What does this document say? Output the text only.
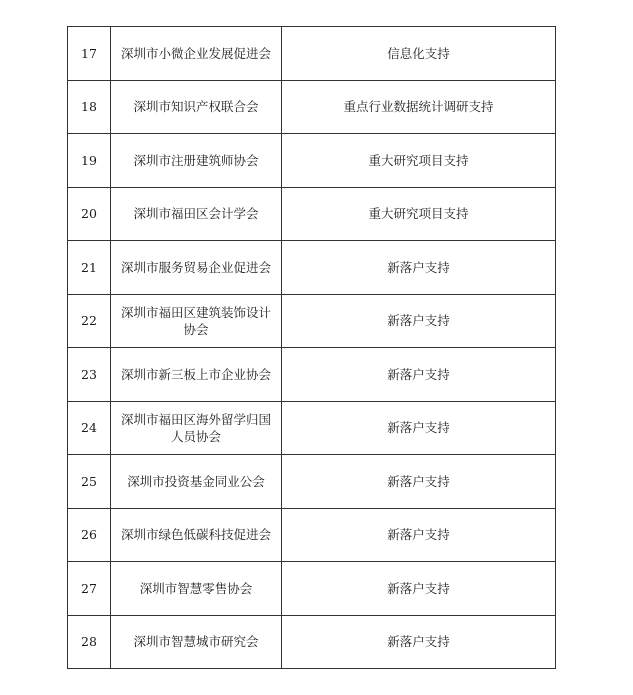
17	深圳市小微企业发展促进会	信息化支持
18	深圳市知识产权联合会	重点行业数据统计调研支持
19	深圳市注册建筑师协会	重大研究项目支持
20	深圳市福田区会计学会	重大研究项目支持
21	深圳市服务贸易企业促进会	新落户支持
22	深圳市福田区建筑装饰设计协会	新落户支持
23	深圳市新三板上市企业协会	新落户支持
24	深圳市福田区海外留学归国人员协会	新落户支持
25	深圳市投资基金同业公会	新落户支持
26	深圳市绿色低碳科技促进会	新落户支持
27	深圳市智慧零售协会	新落户支持
28	深圳市智慧城市研究会	新落户支持
